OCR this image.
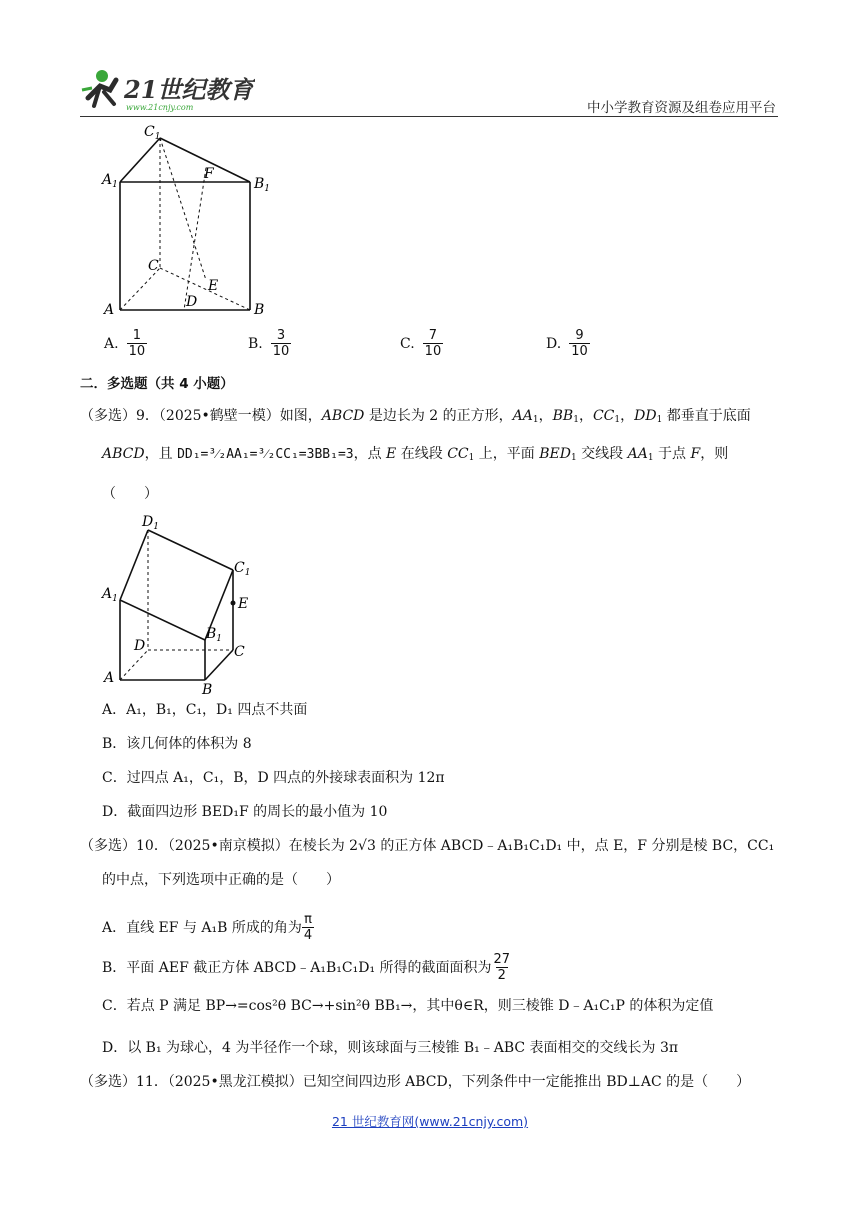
21世纪教育
www.21cnjy.com	中小学教育资源及组卷应用平台
$C_1$
$A_1$	$B_1$
F
C
E
A	D	B
A. $\frac{1}{10}$	B. $\frac{3}{10}$	C. $\frac{7}{10}$	D. $\frac{9}{10}$
二．多选题（共 4 小题）
（多选）9．（2025•鹤壁一模）如图，ABCD 是边长为 2 的正方形，$AA_1$，$BB_1$，$CC_1$，$DD_1$ 都垂直于底面
ABCD，且 DD₁=³⁄₂AA₁=³⁄₂CC₁=3BB₁=3，点 E 在线段 $CC_1$ 上，平面 $BED_1$ 交线段 $AA_1$ 于点 F，则
（　　）
$D_1$
$C_1$
$A_1$	E
$B_1$
D	C
A
B
A．A₁，B₁，C₁，D₁ 四点不共面
B．该几何体的体积为 8
C．过四点 A₁，C₁，B，D 四点的外接球表面积为 12π
D．截面四边形 BED₁F 的周长的最小值为 10
（多选）10．（2025•南京模拟）在棱长为 2√3 的正方体 ABCD﹣A₁B₁C₁D₁ 中，点 E，F 分别是棱 BC，CC₁
的中点，下列选项中正确的是（　　）
A．直线 EF 与 A₁B 所成的角为 $\frac{\pi}{4}$
B．平面 AEF 截正方体 ABCD﹣A₁B₁C₁D₁ 所得的截面面积为 $\frac{27}{2}$
C．若点 P 满足 BP→=cos²θ BC→+sin²θ BB₁→，其中θ∈R，则三棱锥 D﹣A₁C₁P 的体积为定值
D．以 B₁ 为球心，4 为半径作一个球，则该球面与三棱锥 B₁﹣ABC 表面相交的交线长为 3π
（多选）11．（2025•黑龙江模拟）已知空间四边形 ABCD，下列条件中一定能推出 BD⊥AC 的是（　　）
21 世纪教育网(www.21cnjy.com)
